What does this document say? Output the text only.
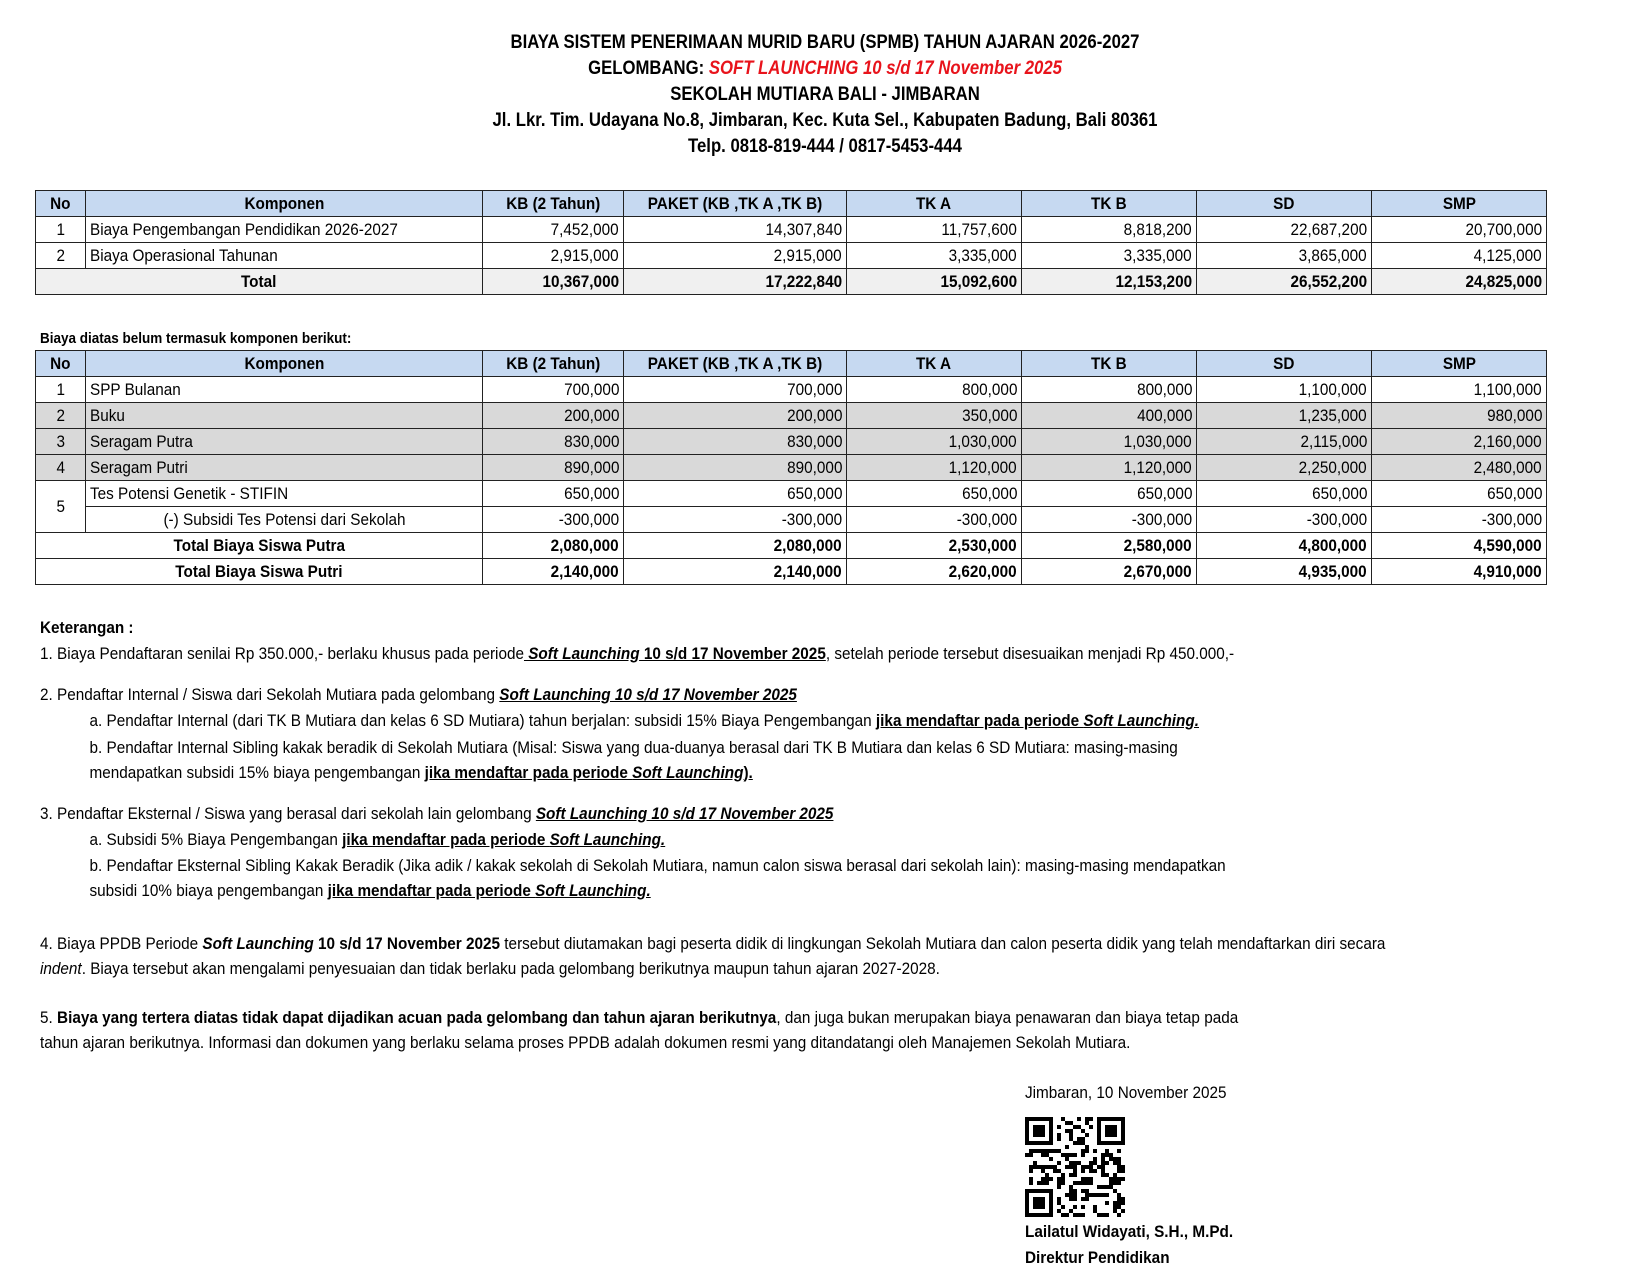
BIAYA SISTEM PENERIMAAN MURID BARU (SPMB) TAHUN AJARAN 2026-2027
GELOMBANG: SOFT LAUNCHING 10 s/d 17 November 2025
SEKOLAH MUTIARA BALI - JIMBARAN
Jl. Lkr. Tim. Udayana No.8, Jimbaran, Kec. Kuta Sel., Kabupaten Badung, Bali 80361
Telp. 0818-819-444 / 0817-5453-444
No	Komponen	KB (2 Tahun)	PAKET (KB ,TK A ,TK B)	TK A	TK B	SD	SMP
1	Biaya Pengembangan Pendidikan 2026-2027	7,452,000	14,307,840	11,757,600	8,818,200	22,687,200	20,700,000
2	Biaya Operasional Tahunan	2,915,000	2,915,000	3,335,000	3,335,000	3,865,000	4,125,000
Total		10,367,000	17,222,840	15,092,600	12,153,200	26,552,200	24,825,000
Biaya diatas belum termasuk komponen berikut:
No	Komponen	KB (2 Tahun)	PAKET (KB ,TK A ,TK B)	TK A	TK B	SD	SMP
1	SPP Bulanan	700,000	700,000	800,000	800,000	1,100,000	1,100,000
2	Buku	200,000	200,000	350,000	400,000	1,235,000	980,000
3	Seragam Putra	830,000	830,000	1,030,000	1,030,000	2,115,000	2,160,000
4	Seragam Putri	890,000	890,000	1,120,000	1,120,000	2,250,000	2,480,000
5	Tes Potensi Genetik - STIFIN	650,000	650,000	650,000	650,000	650,000	650,000
	(-) Subsidi Tes Potensi dari Sekolah	-300,000	-300,000	-300,000	-300,000	-300,000	-300,000
Total Biaya Siswa Putra		2,080,000	2,080,000	2,530,000	2,580,000	4,800,000	4,590,000
Total Biaya Siswa Putri		2,140,000	2,140,000	2,620,000	2,670,000	4,935,000	4,910,000
Keterangan :
1. Biaya Pendaftaran senilai Rp 350.000,- berlaku khusus pada periode Soft Launching 10 s/d 17 November 2025, setelah periode tersebut disesuaikan menjadi Rp 450.000,-
2. Pendaftar Internal / Siswa dari Sekolah Mutiara pada gelombang Soft Launching 10 s/d 17 November 2025
a. Pendaftar Internal (dari TK B Mutiara dan kelas 6 SD Mutiara) tahun berjalan: subsidi 15% Biaya Pengembangan jika mendaftar pada periode Soft Launching.
b. Pendaftar Internal Sibling kakak beradik di Sekolah Mutiara (Misal: Siswa yang dua-duanya berasal dari TK B Mutiara dan kelas 6 SD Mutiara: masing-masing
mendapatkan subsidi 15% biaya pengembangan jika mendaftar pada periode Soft Launching).
3. Pendaftar Eksternal / Siswa yang berasal dari sekolah lain gelombang Soft Launching 10 s/d 17 November 2025
a. Subsidi 5% Biaya Pengembangan jika mendaftar pada periode Soft Launching.
b. Pendaftar Eksternal Sibling Kakak Beradik (Jika adik / kakak sekolah di Sekolah Mutiara, namun calon siswa berasal dari sekolah lain): masing-masing mendapatkan
subsidi 10% biaya pengembangan jika mendaftar pada periode Soft Launching.
4. Biaya PPDB Periode Soft Launching 10 s/d 17 November 2025 tersebut diutamakan bagi peserta didik di lingkungan Sekolah Mutiara dan calon peserta didik yang telah mendaftarkan diri secara
indent. Biaya tersebut akan mengalami penyesuaian dan tidak berlaku pada gelombang berikutnya maupun tahun ajaran 2027-2028.
5. Biaya yang tertera diatas tidak dapat dijadikan acuan pada gelombang dan tahun ajaran berikutnya, dan juga bukan merupakan biaya penawaran dan biaya tetap pada
tahun ajaran berikutnya. Informasi dan dokumen yang berlaku selama proses PPDB adalah dokumen resmi yang ditandatangi oleh Manajemen Sekolah Mutiara.
Jimbaran, 10 November 2025
Lailatul Widayati, S.H., M.Pd.
Direktur Pendidikan
